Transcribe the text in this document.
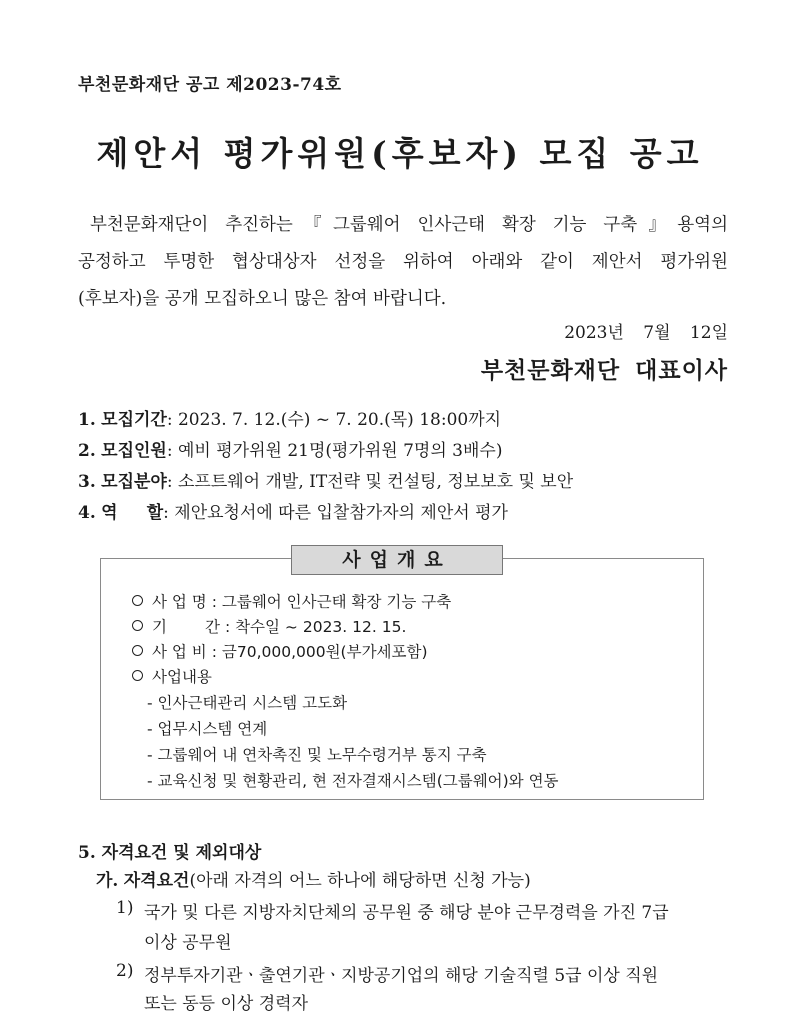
부천문화재단 공고 제2023-74호
제안서 평가위원(후보자) 모집 공고

부천문화재단이 추진하는『그룹웨어 인사근태 확장 기능 구축』용역의

공정하고 투명한 협상대상자 선정을 위하여 아래와 같이 제안서 평가위원

(후보자)을 공개 모집하오니 많은 참여 바랍니다.

2023년 7월 12일
부천문화재단 대표이사
1. 모집기간: 2023. 7. 12.(수) ~ 7. 20.(목) 18:00까지
2. 모집인원: 예비 평가위원 21명(평가위원 7명의 3배수)
3. 모집분야: 소프트웨어 개발, IT전략 및 컨설팅, 정보보호 및 보안
4. 역 할: 제안요청서에 따른 입찰참가자의 제안서 평가
사업개요
사 업 명 : 그룹웨어 인사근태 확장 기능 구축
기 간 : 착수일 ~ 2023. 12. 15.
사 업 비 : 금70,000,000원(부가세포함)
사업내용
- 인사근태관리 시스템 고도화
- 업무시스템 연계
- 그룹웨어 내 연차촉진 및 노무수령거부 통지 구축
- 교육신청 및 현황관리, 현 전자결재시스템(그룹웨어)와 연동
5. 자격요건 및 제외대상
가. 자격요건(아래 자격의 어느 하나에 해당하면 신청 가능)
1) 국가 및 다른 지방자치단체의 공무원 중 해당 분야 근무경력을 가진 7급
이상 공무원
2) 정부투자기관ㆍ출연기관ㆍ지방공기업의 해당 기술직렬 5급 이상 직원
또는 동등 이상 경력자
